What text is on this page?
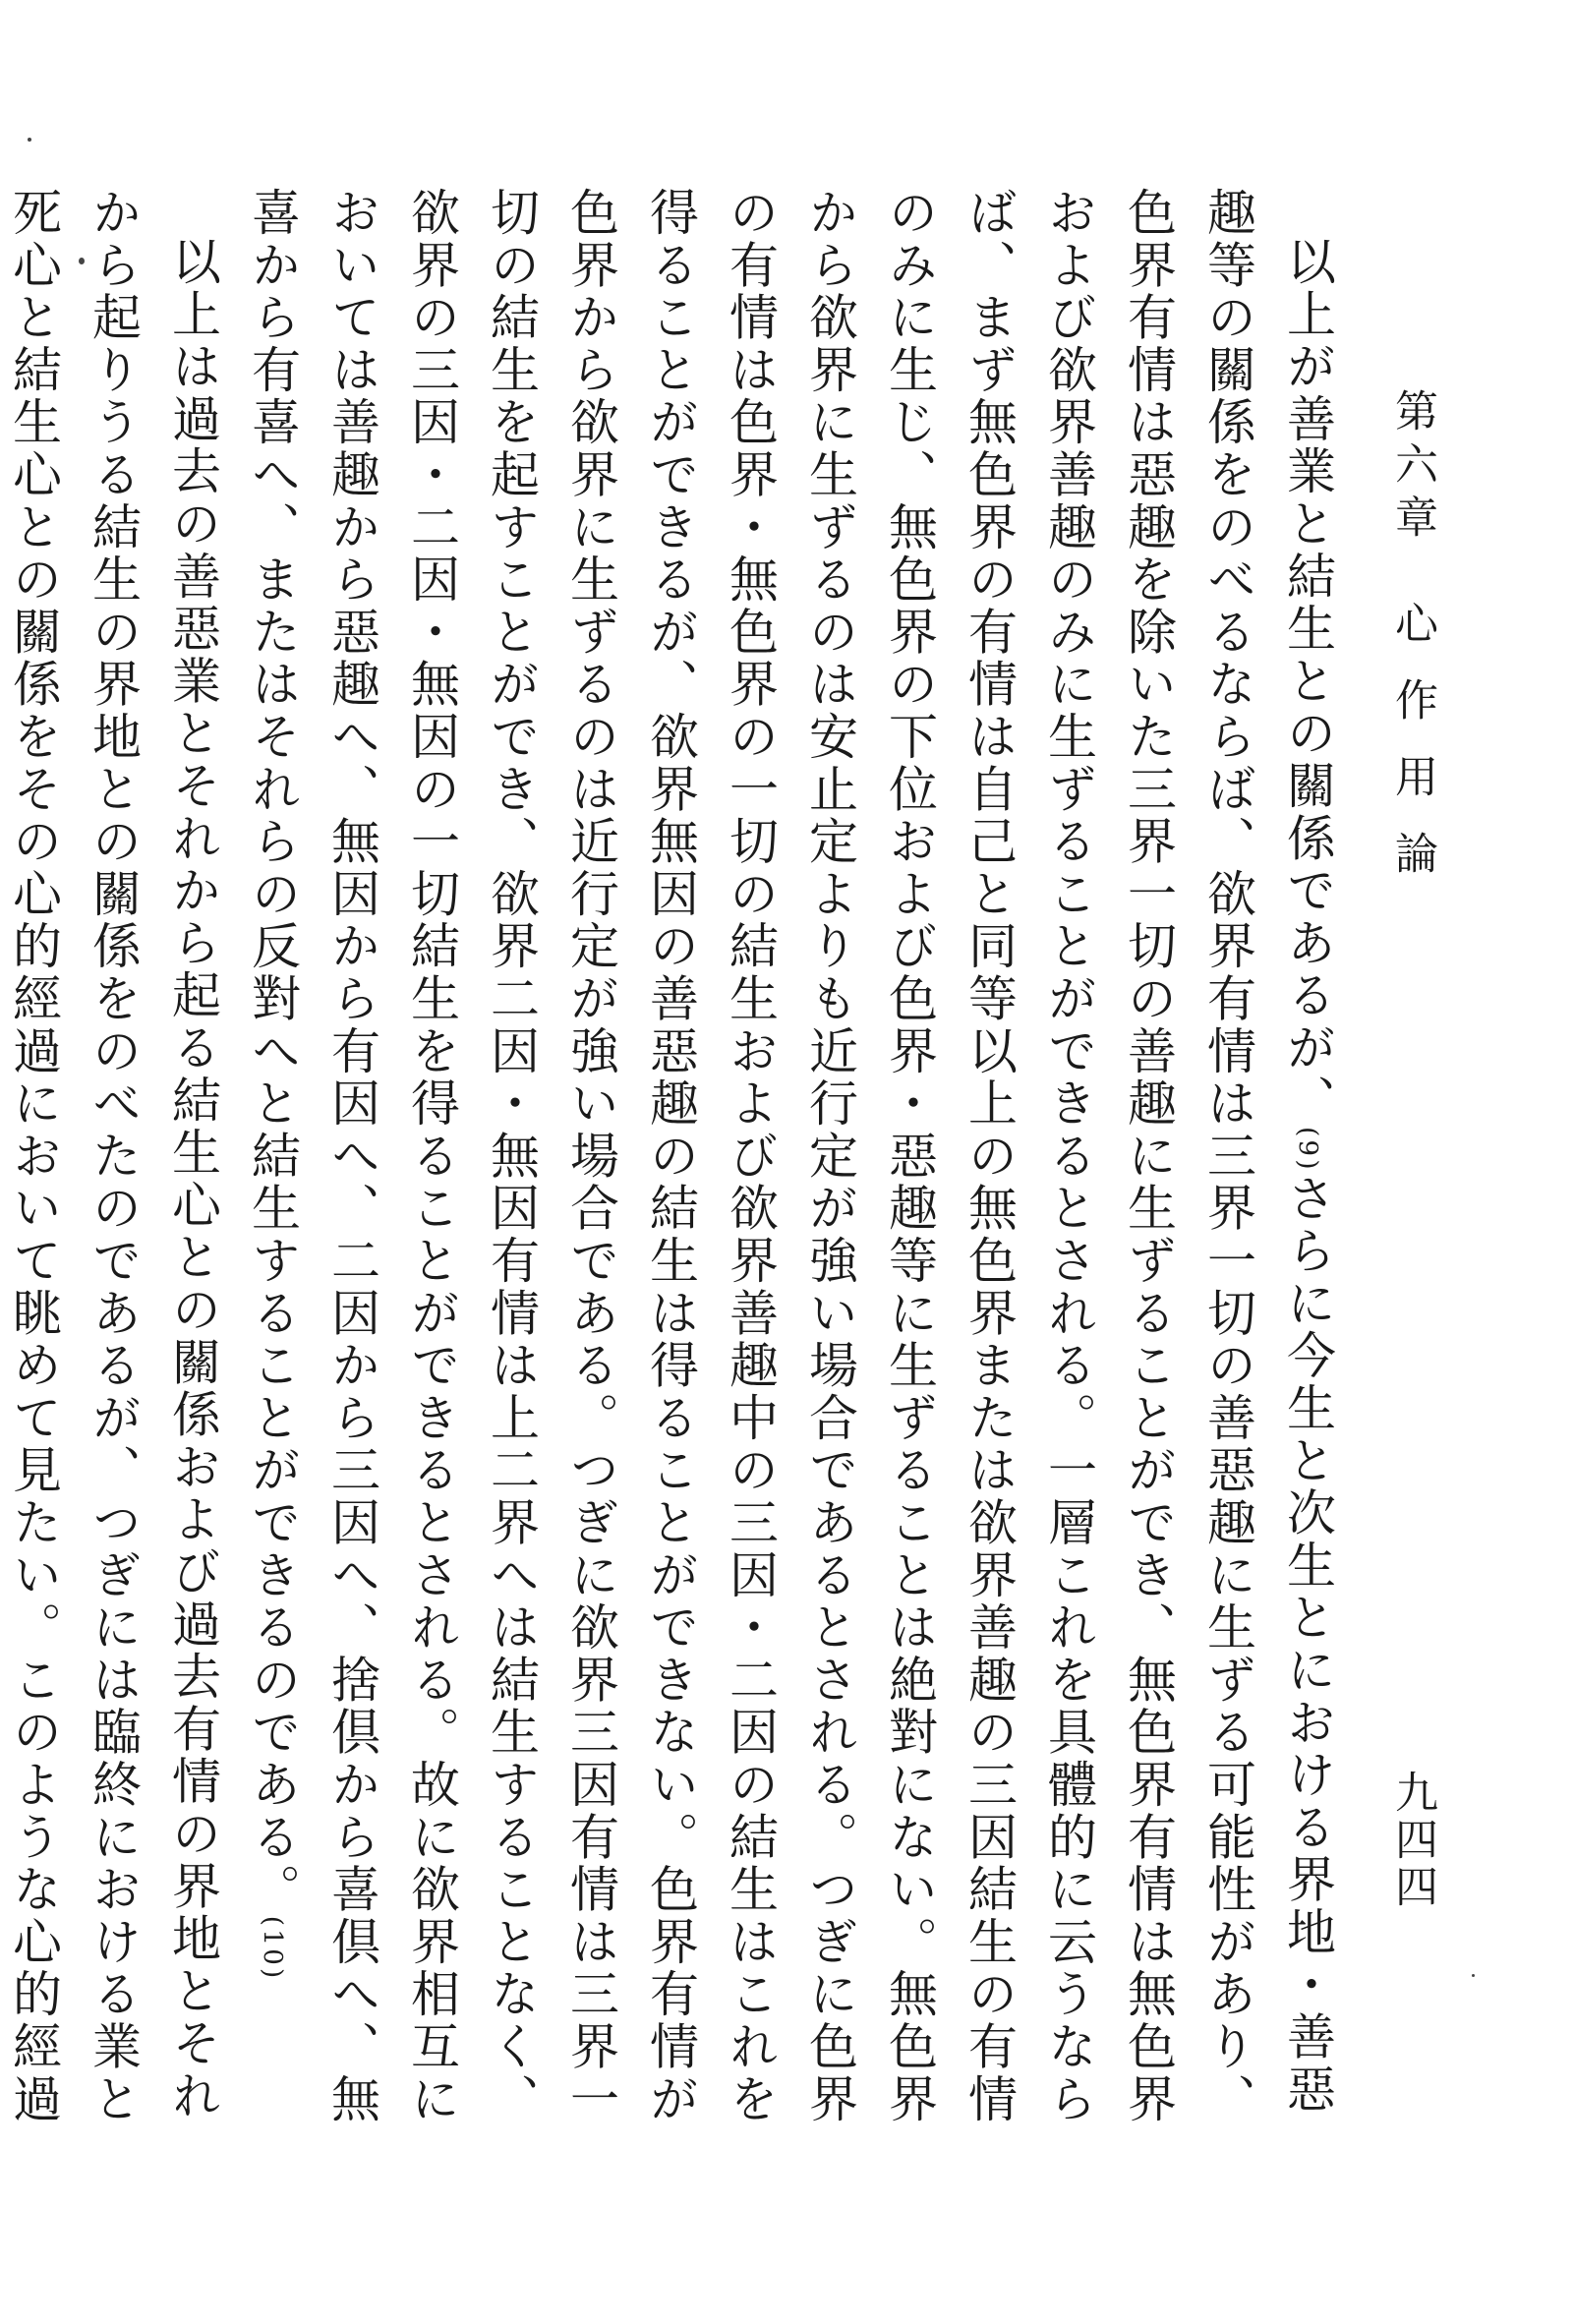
第六章　心 作 用 論
九四四

以上が善業と結生との關係であるが、(9)さらに今生と次生とにおける界地・善惡趣等の關係をのべるならば、欲界有情は三界一切の善惡趣に生ずる可能性があり、色界有情は惡趣を除いた三界一切の善趣に生ずることができ、無色界有情は無色界および欲界善趣のみに生ずることができるとされる。一層これを具體的に云うならば、まず無色界の有情は自己と同等以上の無色界または欲界善趣の三因結生の有情のみに生じ、無色界の下位および色界・惡趣等に生ずることは絶對にない。無色界から欲界に生ずるのは安止定よりも近行定が強い場合であるとされる。つぎに色界の有情は色界・無色界の一切の結生および欲界善趣中の三因・二因の結生はこれを得ることができるが、欲界無因の善惡趣の結生は得ることができない。色界有情が色界から欲界に生ずるのは近行定が強い場合である。つぎに欲界三因有情は三界一切の結生を起すことができ、欲界二因・無因有情は上二界へは結生することなく、欲界の三因・二因・無因の一切結生を得ることができるとされる。故に欲界相互においては善趣から惡趣へ、無因から有因へ、二因から三因へ、捨倶から喜倶へ、無喜から有喜へ、またはそれらの反對へと結生することができるのである。(10)

以上は過去の善惡業とそれから起る結生心との關係および過去有情の界地とそれから起りうる結生の界地との關係をのべたのであるが、つぎには臨終における業と死心と結生心との關係をその心的經過において眺めて見たい。このような心的經過
